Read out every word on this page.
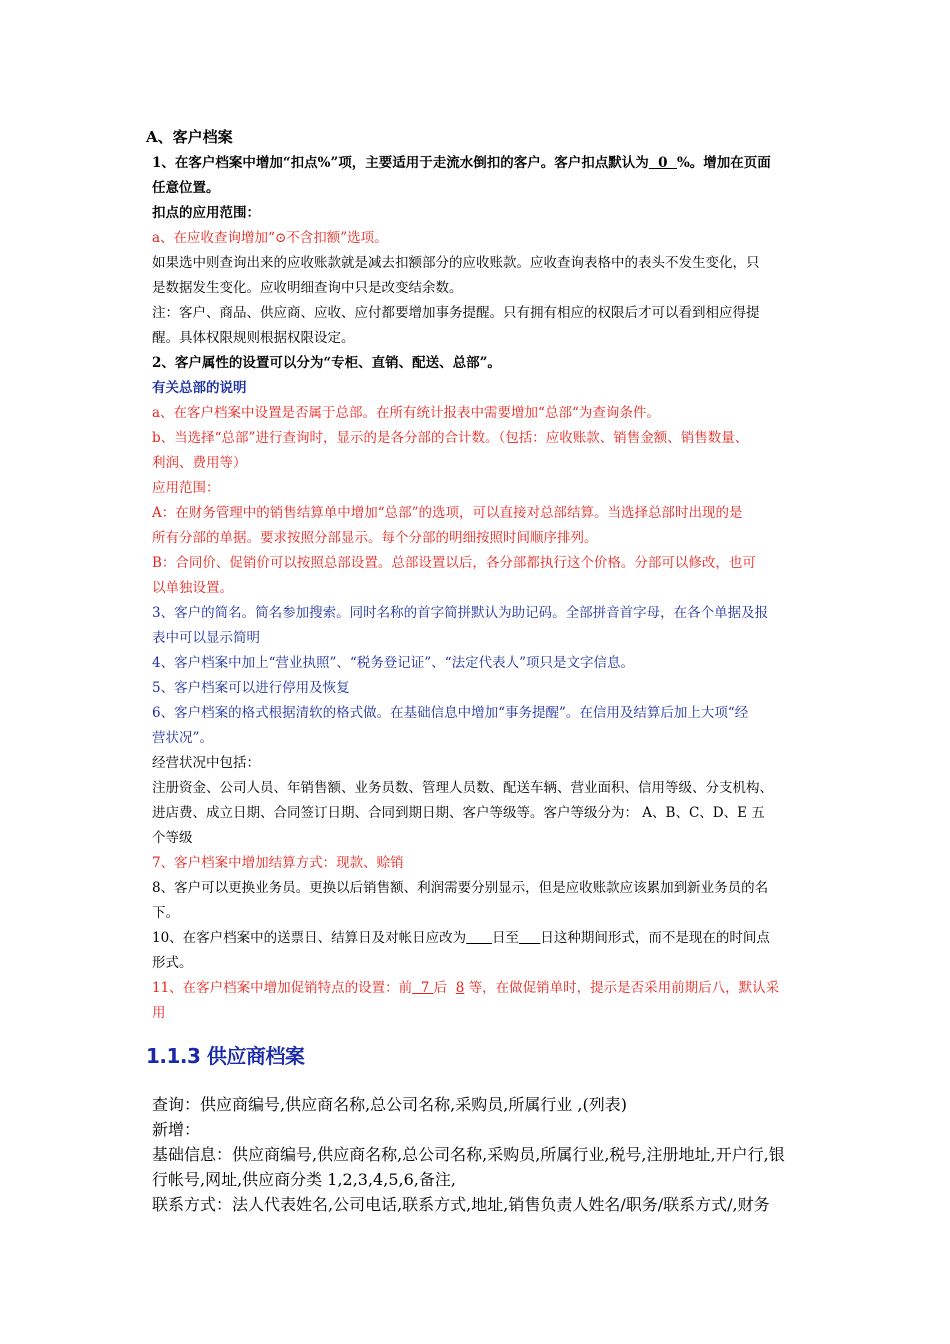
A、客户档案
1、在客户档案中增加“扣点%”项，主要适用于走流水倒扣的客户。客户扣点默认为  0  %。增加在页面
任意位置。
扣点的应用范围：
a、在应收查询增加“⊙不含扣额”选项。
如果选中则查询出来的应收账款就是减去扣额部分的应收账款。应收查询表格中的表头不发生变化，只
是数据发生变化。应收明细查询中只是改变结余数。
注：客户、商品、供应商、应收、应付都要增加事务提醒。只有拥有相应的权限后才可以看到相应得提
醒。具体权限规则根据权限设定。
2、客户属性的设置可以分为“专柜、直销、配送、总部”。
有关总部的说明
a、在客户档案中设置是否属于总部。在所有统计报表中需要增加“总部“为查询条件。
b、当选择“总部”进行查询时，显示的是各分部的合计数。（包括：应收账款、销售金额、销售数量、
利润、费用等）
应用范围：
A：在财务管理中的销售结算单中增加“总部”的选项，可以直接对总部结算。当选择总部时出现的是
所有分部的单据。要求按照分部显示。每个分部的明细按照时间顺序排列。
B：合同价、促销价可以按照总部设置。总部设置以后，各分部都执行这个价格。分部可以修改，也可
以单独设置。
3、客户的简名。简名参加搜索。同时名称的首字简拼默认为助记码。全部拼音首字母，在各个单据及报
表中可以显示简明
4、客户档案中加上“营业执照”、“税务登记证”、“法定代表人”项只是文字信息。
5、客户档案可以进行停用及恢复
6、客户档案的格式根据清软的格式做。在基础信息中增加“事务提醒”。在信用及结算后加上大项“经
营状况”。
经营状况中包括：
注册资金、公司人员、年销售额、业务员数、管理人员数、配送车辆、营业面积、信用等级、分支机构、
进店费、成立日期、合同签订日期、合同到期日期、客户等级等。客户等级分为： A、B、C、D、E 五
个等级
7、客户档案中增加结算方式：现款、赊销
8、客户可以更换业务员。更换以后销售额、利润需要分别显示，但是应收账款应该累加到新业务员的名
下。
10、在客户档案中的送票日、结算日及对帐日应改为 日至 日这种期间形式，而不是现在的时间点
形式。
11、在客户档案中增加促销特点的设置：前  7 后  8 等，在做促销单时，提示是否采用前期后八，默认采
用
1.1.3 供应商档案
查询：供应商编号,供应商名称,总公司名称,采购员,所属行业 ,(列表)
新增：
基础信息：供应商编号,供应商名称,总公司名称,采购员,所属行业,税号,注册地址,开户行,银
行帐号,网址,供应商分类 1,2,3,4,5,6,备注,
联系方式：法人代表姓名,公司电话,联系方式,地址,销售负责人姓名/职务/联系方式/,财务
